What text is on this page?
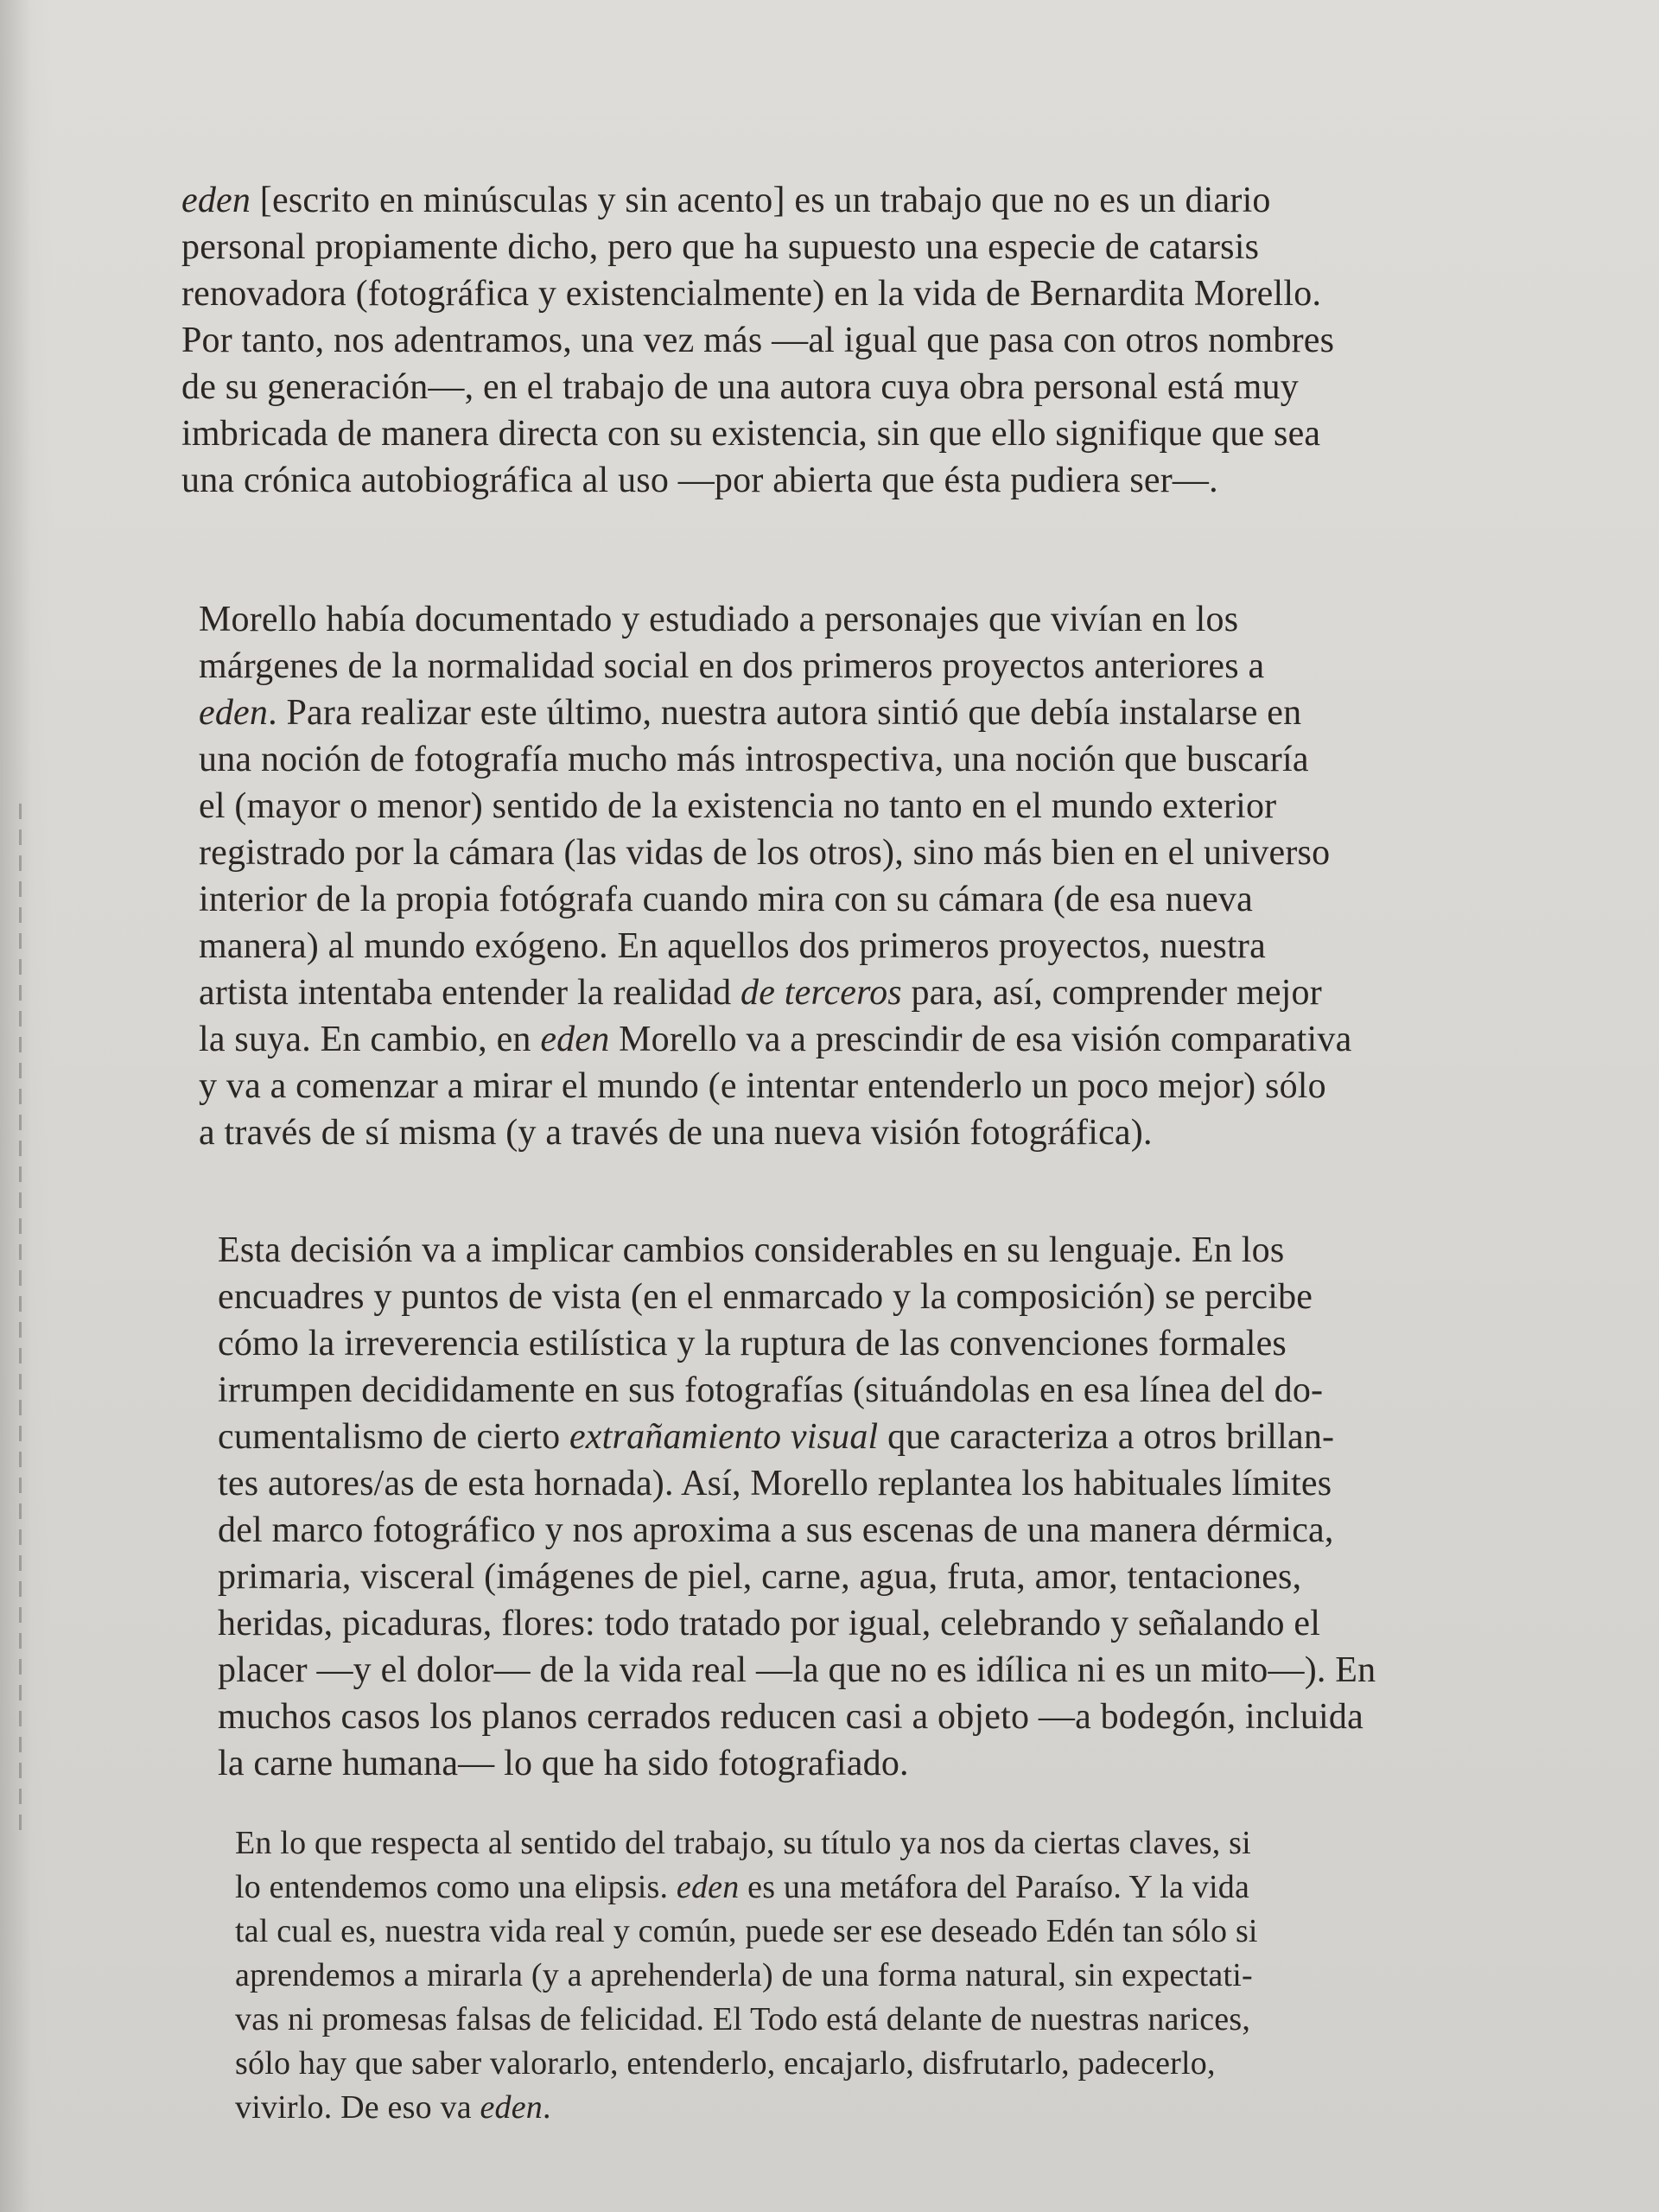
eden [escrito en minúsculas y sin acento] es un trabajo que no es un diario
personal propiamente dicho, pero que ha supuesto una especie de catarsis
renovadora (fotográfica y existencialmente) en la vida de Bernardita Morello.
Por tanto, nos adentramos, una vez más —al igual que pasa con otros nombres
de su generación—, en el trabajo de una autora cuya obra personal está muy
imbricada de manera directa con su existencia, sin que ello signifique que sea
una crónica autobiográfica al uso —por abierta que ésta pudiera ser—.
Morello había documentado y estudiado a personajes que vivían en los
márgenes de la normalidad social en dos primeros proyectos anteriores a
eden. Para realizar este último, nuestra autora sintió que debía instalarse en
una noción de fotografía mucho más introspectiva, una noción que buscaría
el (mayor o menor) sentido de la existencia no tanto en el mundo exterior
registrado por la cámara (las vidas de los otros), sino más bien en el universo
interior de la propia fotógrafa cuando mira con su cámara (de esa nueva
manera) al mundo exógeno. En aquellos dos primeros proyectos, nuestra
artista intentaba entender la realidad de terceros para, así, comprender mejor
la suya. En cambio, en eden Morello va a prescindir de esa visión comparativa
y va a comenzar a mirar el mundo (e intentar entenderlo un poco mejor) sólo
a través de sí misma (y a través de una nueva visión fotográfica).
Esta decisión va a implicar cambios considerables en su lenguaje. En los
encuadres y puntos de vista (en el enmarcado y la composición) se percibe
cómo la irreverencia estilística y la ruptura de las convenciones formales
irrumpen decididamente en sus fotografías (situándolas en esa línea del do-
cumentalismo de cierto extrañamiento visual que caracteriza a otros brillan-
tes autores/as de esta hornada). Así, Morello replantea los habituales límites
del marco fotográfico y nos aproxima a sus escenas de una manera dérmica,
primaria, visceral (imágenes de piel, carne, agua, fruta, amor, tentaciones,
heridas, picaduras, flores: todo tratado por igual, celebrando y señalando el
placer —y el dolor— de la vida real —la que no es idílica ni es un mito—). En
muchos casos los planos cerrados reducen casi a objeto —a bodegón, incluida
la carne humana— lo que ha sido fotografiado.
En lo que respecta al sentido del trabajo, su título ya nos da ciertas claves, si
lo entendemos como una elipsis. eden es una metáfora del Paraíso. Y la vida
tal cual es, nuestra vida real y común, puede ser ese deseado Edén tan sólo si
aprendemos a mirarla (y a aprehenderla) de una forma natural, sin expectati-
vas ni promesas falsas de felicidad. El Todo está delante de nuestras narices,
sólo hay que saber valorarlo, entenderlo, encajarlo, disfrutarlo, padecerlo,
vivirlo. De eso va eden.
